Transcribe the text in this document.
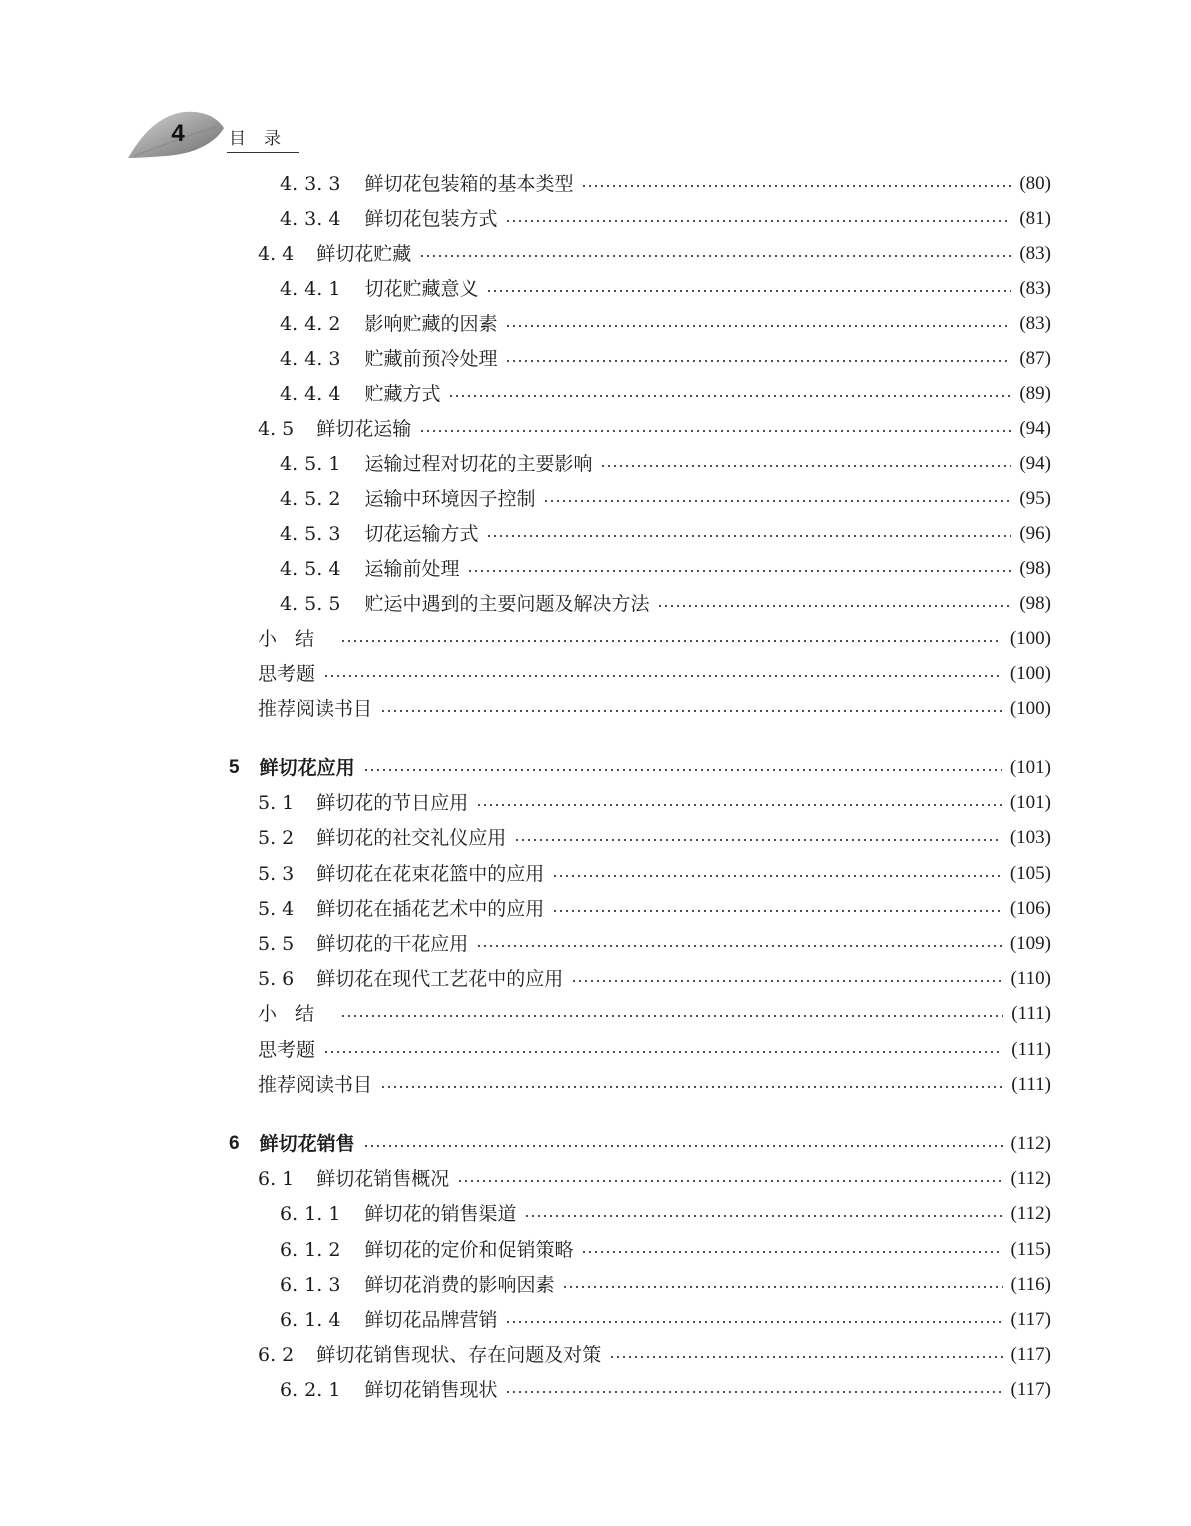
4	目录
4. 3. 3 鲜切花包装箱的基本类型	(80)
4. 3. 4 鲜切花包装方式	(81)
4. 4 鲜切花贮藏	(83)
4. 4. 1 切花贮藏意义	(83)
4. 4. 2 影响贮藏的因素	(83)
4. 4. 3 贮藏前预冷处理	(87)
4. 4. 4 贮藏方式	(89)
4. 5 鲜切花运输	(94)
4. 5. 1 运输过程对切花的主要影响	(94)
4. 5. 2 运输中环境因子控制	(95)
4. 5. 3 切花运输方式	(96)
4. 5. 4 运输前处理	(98)
4. 5. 5 贮运中遇到的主要问题及解决方法	(98)
小结	(100)
思考题	(100)
推荐阅读书目	(100)
5 鲜切花应用	(101)
5. 1 鲜切花的节日应用	(101)
5. 2 鲜切花的社交礼仪应用	(103)
5. 3 鲜切花在花束花篮中的应用	(105)
5. 4 鲜切花在插花艺术中的应用	(106)
5. 5 鲜切花的干花应用	(109)
5. 6 鲜切花在现代工艺花中的应用	(110)
小结	(111)
思考题	(111)
推荐阅读书目	(111)
6 鲜切花销售	(112)
6. 1 鲜切花销售概况	(112)
6. 1. 1 鲜切花的销售渠道	(112)
6. 1. 2 鲜切花的定价和促销策略	(115)
6. 1. 3 鲜切花消费的影响因素	(116)
6. 1. 4 鲜切花品牌营销	(117)
6. 2 鲜切花销售现状、存在问题及对策	(117)
6. 2. 1 鲜切花销售现状	(117)
